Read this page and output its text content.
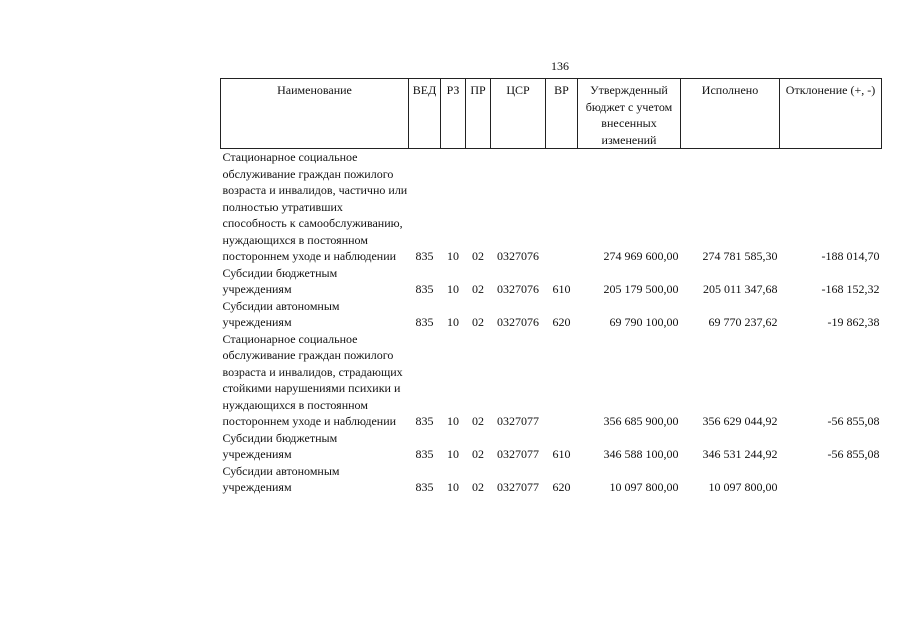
136
Наименование	ВЕД	РЗ	ПР	ЦСР	ВР	Утвержденный бюджет с учетом внесенных изменений	Исполнено	Отклонение (+, -)
Стационарное социальное обслуживание граждан пожилого возраста и инвалидов, частично или полностью утративших способность к самообслуживанию, нуждающихся в постоянном постороннем уходе и наблюдении	835	10	02	0327076		274 969 600,00	274 781 585,30	-188 014,70
Субсидии бюджетным учреждениям	835	10	02	0327076	610	205 179 500,00	205 011 347,68	-168 152,32
Субсидии автономным учреждениям	835	10	02	0327076	620	69 790 100,00	69 770 237,62	-19 862,38
Стационарное социальное обслуживание граждан пожилого возраста и инвалидов, страдающих стойкими нарушениями психики и нуждающихся в постоянном постороннем уходе и наблюдении	835	10	02	0327077		356 685 900,00	356 629 044,92	-56 855,08
Субсидии бюджетным учреждениям	835	10	02	0327077	610	346 588 100,00	346 531 244,92	-56 855,08
Субсидии автономным учреждениям	835	10	02	0327077	620	10 097 800,00	10 097 800,00	
